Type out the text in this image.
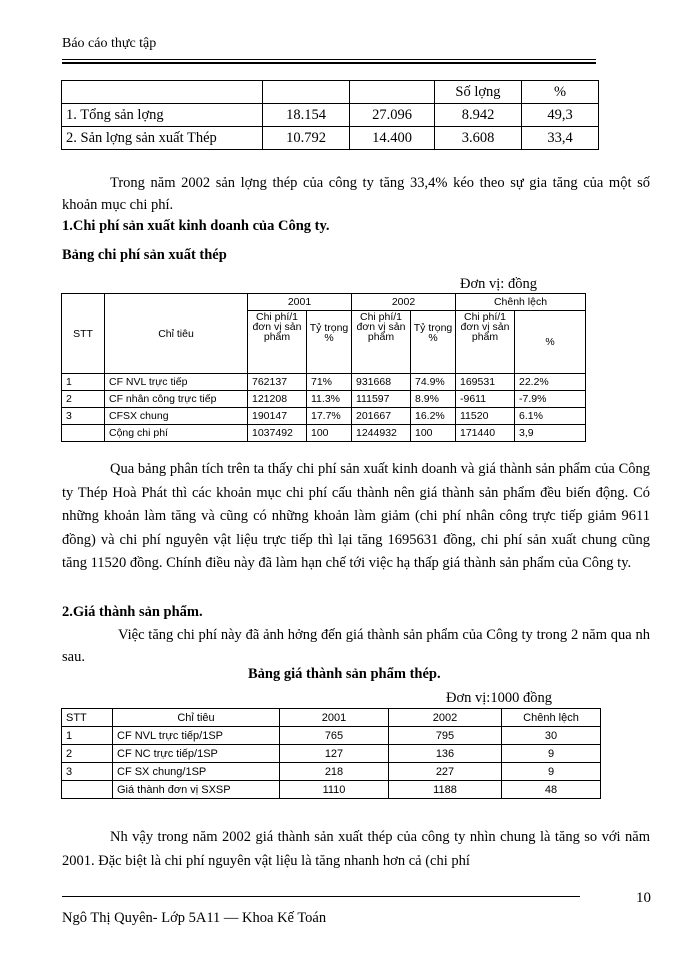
Báo cáo thực tập
			Số lợng	%
1. Tổng sản lợng	18.154	27.096	8.942	49,3
2. Sản lợng sản xuất Thép	10.792	14.400	3.608	33,4
Trong năm 2002 sản lợng thép của công ty tăng 33,4% kéo theo sự gia tăng của một số khoản mục chi phí.
1.Chi phí sản xuất kinh doanh của Công ty.
Bảng chi phí sản xuất thép
Đơn vị: đồng
STT	Chỉ tiêu	2001		2002		Chênh lệch	
		Chi phí/1 đơn vị sản phẩm	Tỷ trọng %	Chi phí/1 đơn vị sản phẩm	Tỷ trọng %	Chi phí/1 đơn vị sản phẩm	%
1	CF NVL trực tiếp	762137	71%	931668	74.9%	169531	22.2%
2	CF nhân công trực tiếp	121208	11.3%	111597	8.9%	-9611	-7.9%
3	CFSX chung	190147	17.7%	201667	16.2%	11520	6.1%
	Cộng chi phí	1037492	100	1244932	100	171440	3,9
Qua bảng phân tích trên ta thấy chi phí sản xuất kinh doanh và giá thành sản phẩm của Công ty Thép Hoà Phát thì các khoản mục chi phí cấu thành nên giá thành sản phẩm đều biến động. Có những khoản làm tăng và cũng có những khoản làm giảm (chi phí nhân công trực tiếp giảm 9611 đồng) và chi phí nguyên vật liệu trực tiếp thì lại tăng 1695631 đồng, chi phí sản xuất chung cũng tăng 11520 đồng. Chính điều này đã làm hạn chế tới việc hạ thấp giá thành sản phẩm của Công ty.
2.Giá thành sản phẩm.
Việc tăng chi phí này đã ảnh hởng đến giá thành sản phẩm của Công ty trong 2 năm qua nh sau.
Bảng giá thành sản phẩm thép.
Đơn vị:1000 đồng
STT	Chỉ tiêu	2001	2002	Chênh lệch
1	CF NVL trực tiếp/1SP	765	795	30
2	CF NC trực tiếp/1SP	127	136	9
3	CF SX chung/1SP	218	227	9
	Giá thành đơn vị SXSP	1110	1188	48
Nh vậy trong năm 2002 giá thành sản xuất thép của công ty nhìn chung là tăng so với năm 2001. Đặc biệt là chi phí nguyên vật liệu là tăng nhanh hơn cả (chi phí
10
Ngô Thị Quyên- Lớp 5A11 — Khoa Kế Toán
